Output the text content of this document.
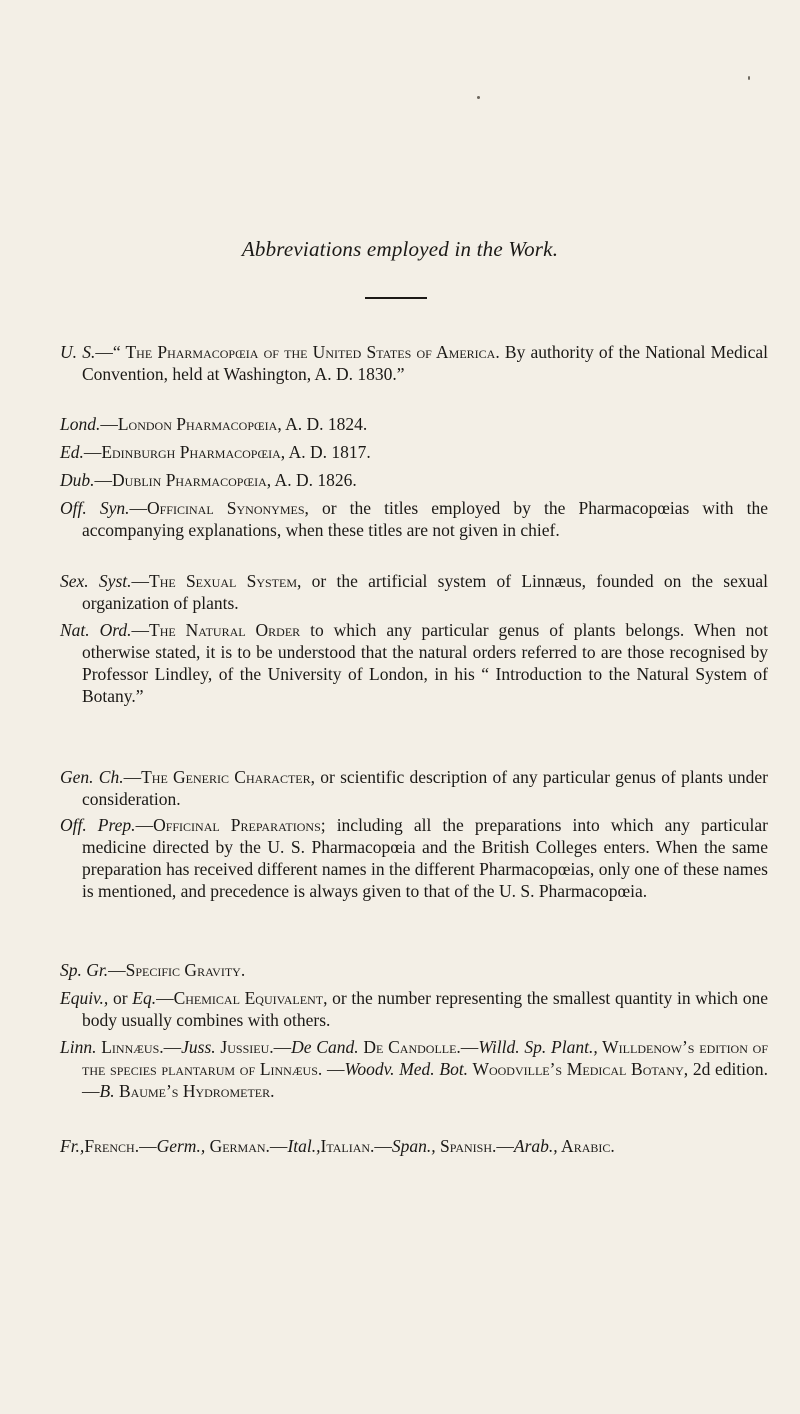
Abbreviations employed in the Work.
U. S.—“ The Pharmacopœia of the United States of America. By authority of the National Medical Convention, held at Washington, A. D. 1830.”
Lond.—London Pharmacopœia, A. D. 1824.
Ed.—Edinburgh Pharmacopœia, A. D. 1817.
Dub.—Dublin Pharmacopœia, A. D. 1826.
Off. Syn.—Officinal Synonymes, or the titles employed by the Pharmacopœias with the accompanying explanations, when these titles are not given in chief.
Sex. Syst.—The Sexual System, or the artificial system of Linnæus, founded on the sexual organization of plants.
Nat. Ord.—The Natural Order to which any particular genus of plants belongs. When not otherwise stated, it is to be understood that the natural orders referred to are those recognised by Professor Lindley, of the University of London, in his “ Introduction to the Natural System of Botany.”
Gen. Ch.—The Generic Character, or scientific description of any particular genus of plants under consideration.
Off. Prep.—Officinal Preparations; including all the preparations into which any particular medicine directed by the U. S. Pharmacopœia and the British Colleges enters. When the same preparation has received different names in the different Pharmacopœias, only one of these names is mentioned, and precedence is always given to that of the U. S. Pharmacopœia.
Sp. Gr.—Specific Gravity.
Equiv., or Eq.—Chemical Equivalent, or the number representing the smallest quantity in which one body usually combines with others.
Linn. Linnæus.—Juss. Jussieu.—De Cand. De Candolle.—Willd. Sp. Plant., Willdenow’s edition of the species plantarum of Linnæus. —Woodv. Med. Bot. Woodville’s Medical Botany, 2d edition.—B. Baume’s Hydrometer.
Fr.,French.—Germ., German.—Ital.,Italian.—Span., Spanish.—Arab., Arabic.
